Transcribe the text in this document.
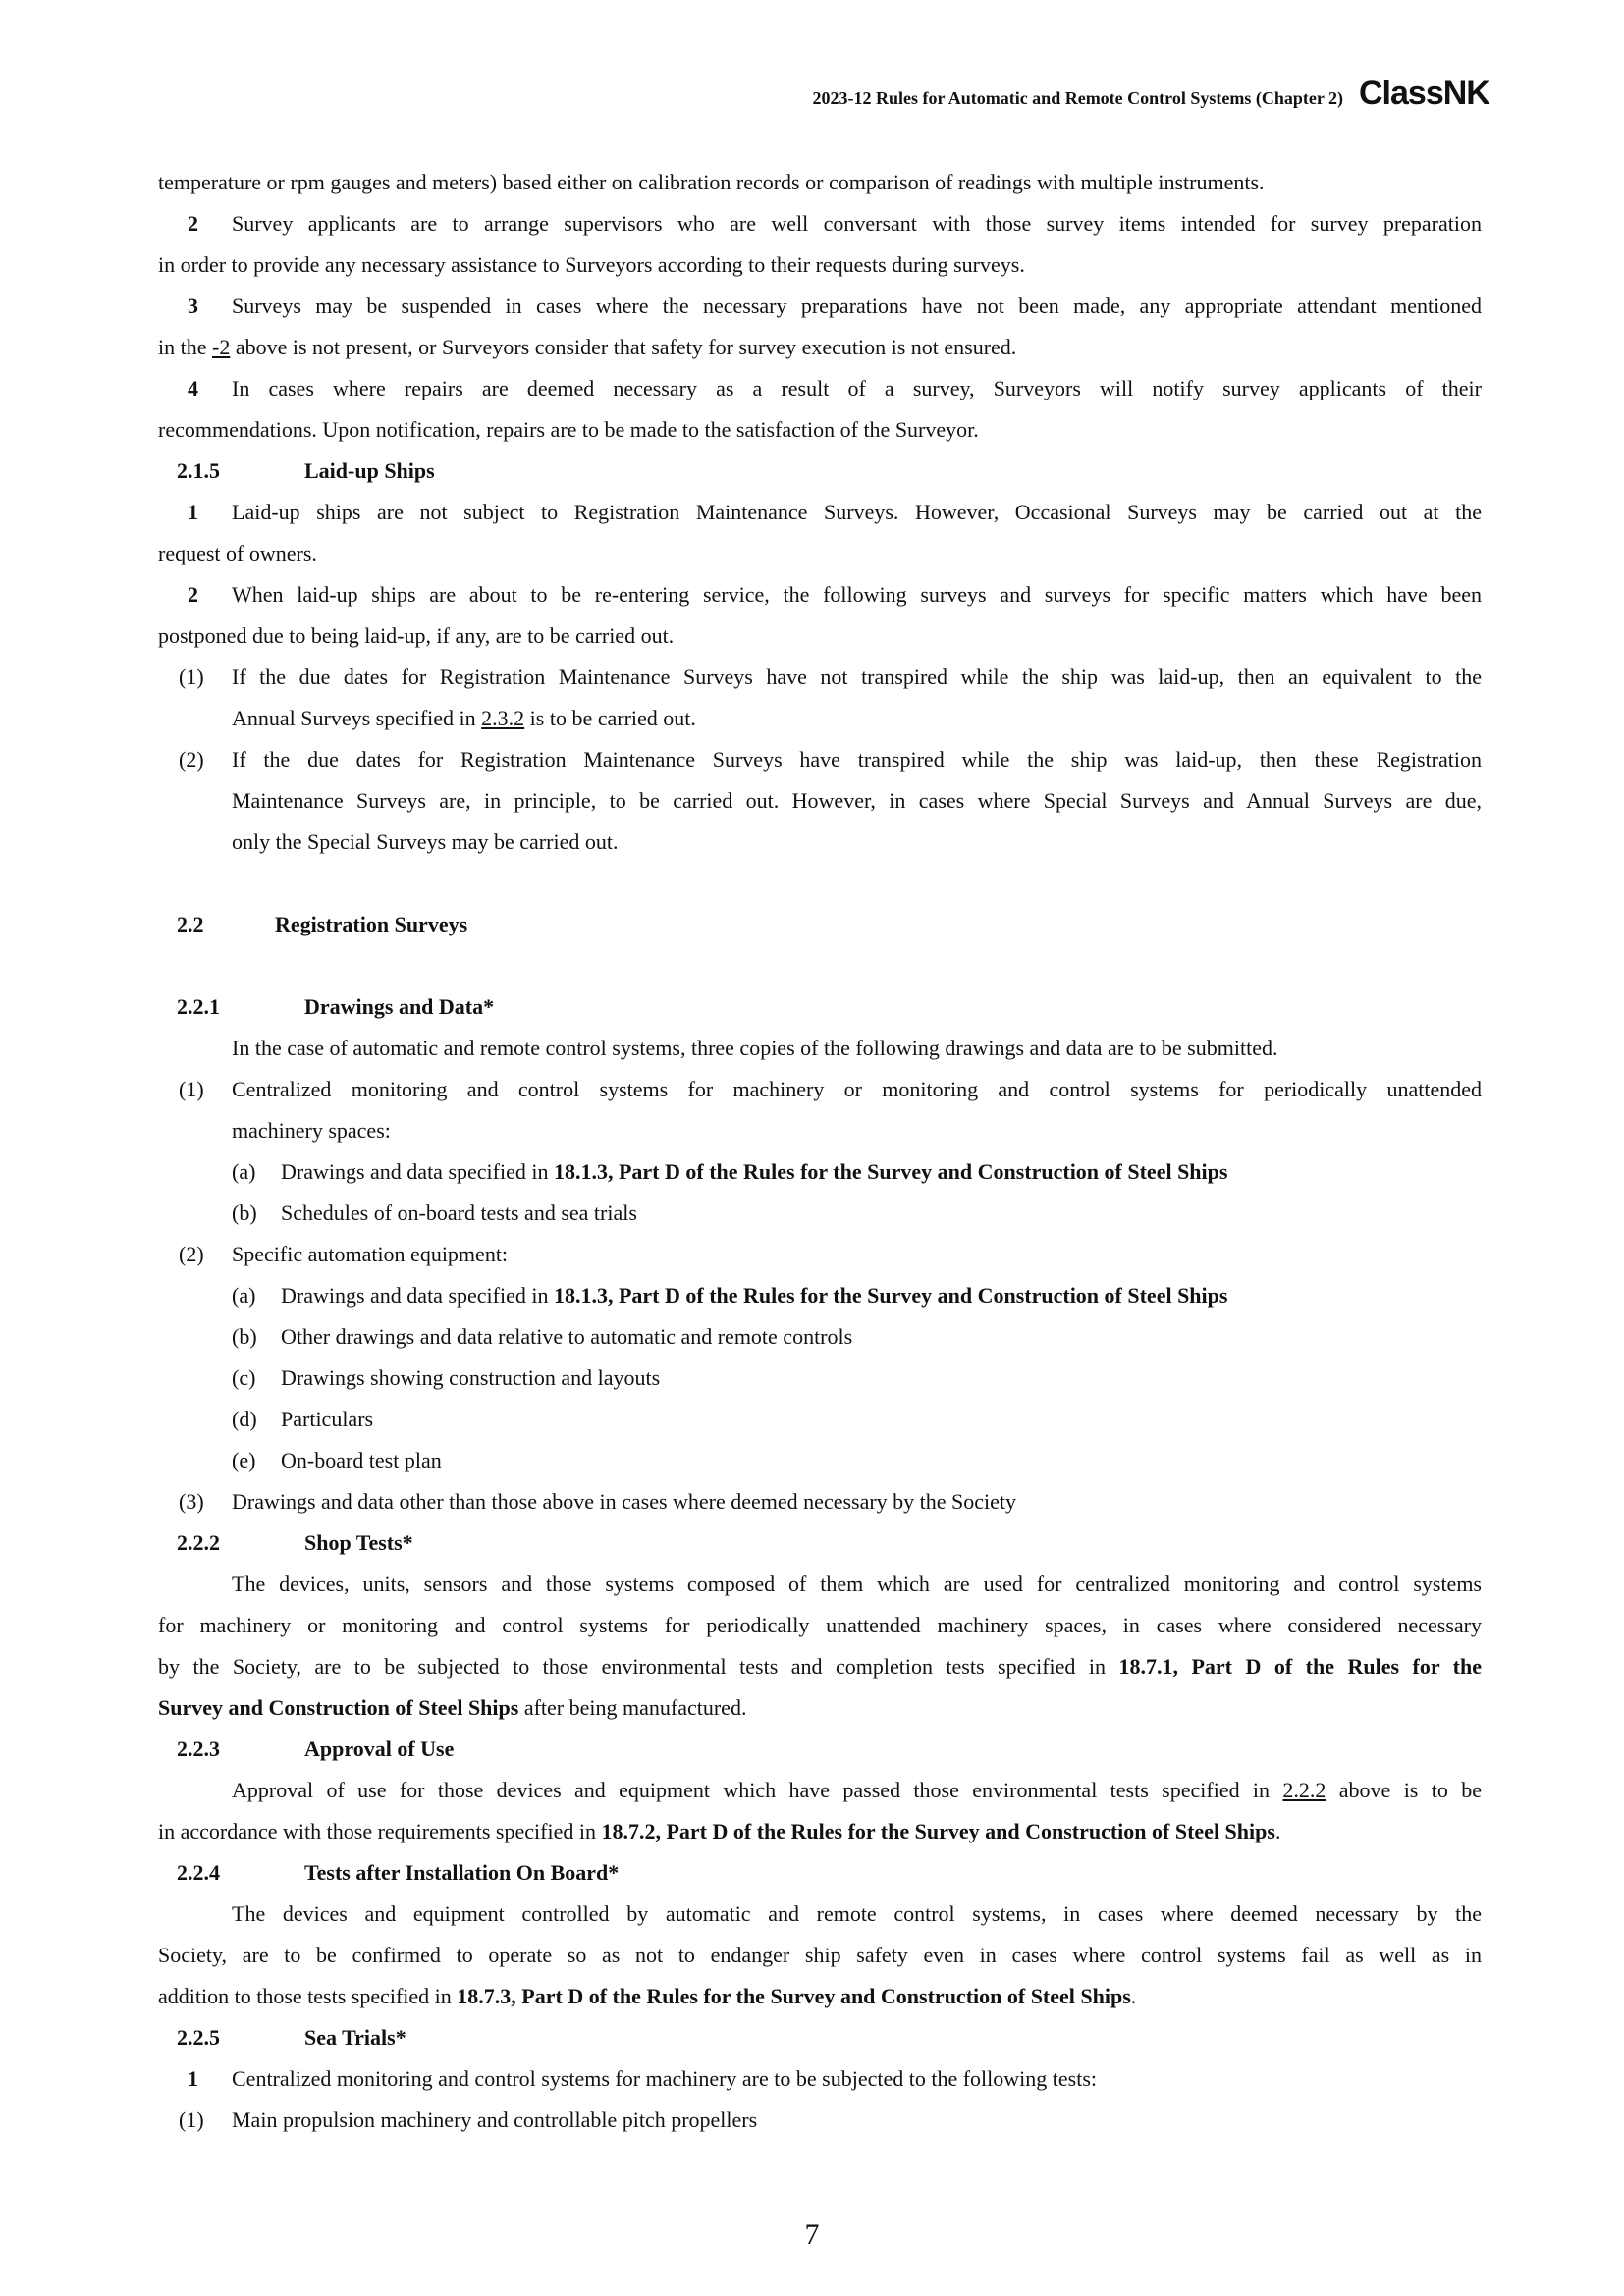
2023-12 Rules for Automatic and Remote Control Systems (Chapter 2) ClassNK
temperature or rpm gauges and meters) based either on calibration records or comparison of readings with multiple instruments.
Survey applicants are to arrange supervisors who are well conversant with those survey items intended for survey preparation
2
in order to provide any necessary assistance to Surveyors according to their requests during surveys.
3	Surveys may be suspended in cases where the necessary preparations have not been made, any appropriate attendant mentioned
in the -2 above is not present, or Surveyors consider that safety for survey execution is not ensured.
4	In cases where repairs are deemed necessary as a result of a survey, Surveyors will notify survey applicants of their
recommendations. Upon notification, repairs are to be made to the satisfaction of the Surveyor.
2.1.5	Laid-up Ships
1	Laid-up ships are not subject to Registration Maintenance Surveys. However, Occasional Surveys may be carried out at the
request of owners.
2	When laid-up ships are about to be re-entering service, the following surveys and surveys for specific matters which have been
postponed due to being laid-up, if any, are to be carried out.
(1)	If the due dates for Registration Maintenance Surveys have not transpired while the ship was laid-up, then an equivalent to the
Annual Surveys specified in 2.3.2 is to be carried out.
(2)	If the due dates for Registration Maintenance Surveys have transpired while the ship was laid-up, then these Registration
Maintenance Surveys are, in principle, to be carried out. However, in cases where Special Surveys and Annual Surveys are due,
only the Special Surveys may be carried out.
2.2	Registration Surveys
2.2.1	Drawings and Data*
In the case of automatic and remote control systems, three copies of the following drawings and data are to be submitted.
(1)	Centralized monitoring and control systems for machinery or monitoring and control systems for periodically unattended
machinery spaces:
(a)	Drawings and data specified in 18.1.3, Part D of the Rules for the Survey and Construction of Steel Ships
(b)	Schedules of on-board tests and sea trials
(2)	Specific automation equipment:
(a)	Drawings and data specified in 18.1.3, Part D of the Rules for the Survey and Construction of Steel Ships
(b)	Other drawings and data relative to automatic and remote controls
(c)	Drawings showing construction and layouts
(d)	Particulars
(e)	On-board test plan
(3)	Drawings and data other than those above in cases where deemed necessary by the Society
2.2.2	Shop Tests*
The devices, units, sensors and those systems composed of them which are used for centralized monitoring and control systems
for machinery or monitoring and control systems for periodically unattended machinery spaces, in cases where considered necessary
by the Society, are to be subjected to those environmental tests and completion tests specified in 18.7.1, Part D of the Rules for the
Survey and Construction of Steel Ships after being manufactured.
2.2.3	Approval of Use
Approval of use for those devices and equipment which have passed those environmental tests specified in 2.2.2 above is to be
in accordance with those requirements specified in 18.7.2, Part D of the Rules for the Survey and Construction of Steel Ships.
2.2.4	Tests after Installation On Board*
The devices and equipment controlled by automatic and remote control systems, in cases where deemed necessary by the
Society, are to be confirmed to operate so as not to endanger ship safety even in cases where control systems fail as well as in
addition to those tests specified in 18.7.3, Part D of the Rules for the Survey and Construction of Steel Ships.
2.2.5	Sea Trials*
1	Centralized monitoring and control systems for machinery are to be subjected to the following tests:
(1)	Main propulsion machinery and controllable pitch propellers
7
